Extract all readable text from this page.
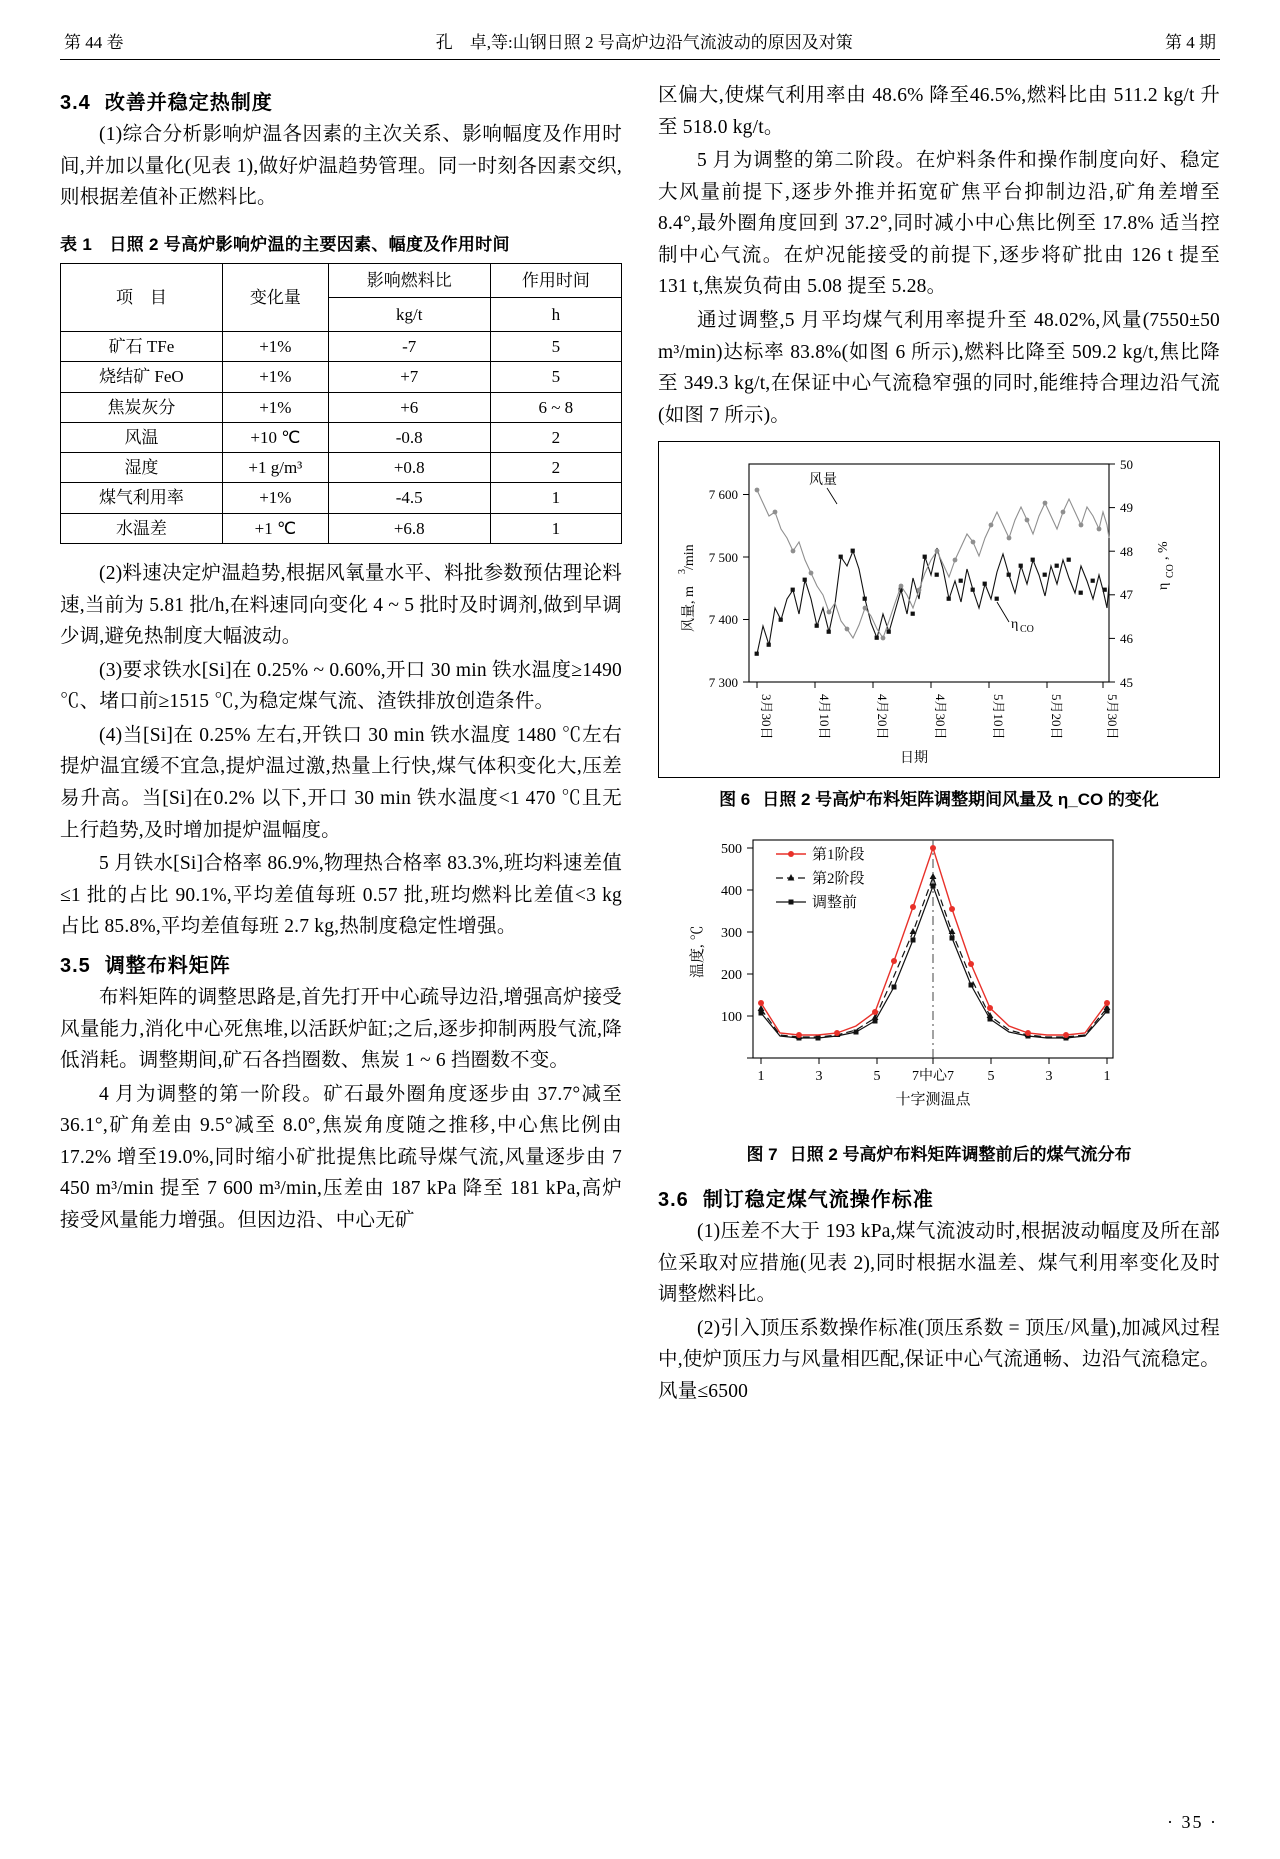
第 44 卷	孔　卓,等:山钢日照 2 号高炉边沿气流波动的原因及对策	第 4 期
3.4 改善并稳定热制度

(1)综合分析影响炉温各因素的主次关系、影响幅度及作用时间,并加以量化(见表 1),做好炉温趋势管理。同一时刻各因素交织,则根据差值补正燃料比。

表 1　日照 2 号高炉影响炉温的主要因素、幅度及作用时间
项　目	变化量	影响燃料比	作用时间
		kg/t	h
矿石 TFe	+1%	-7	5
烧结矿 FeO	+1%	+7	5
焦炭灰分	+1%	+6	6 ~ 8
风温	+10 ℃	-0.8	2
湿度	+1 g/m³	+0.8	2
煤气利用率	+1%	-4.5	1
水温差	+1 ℃	+6.8	1

(2)料速决定炉温趋势,根据风氧量水平、料批参数预估理论料速,当前为 5.81 批/h,在料速同向变化 4 ~ 5 批时及时调剂,做到早调少调,避免热制度大幅波动。

(3)要求铁水[Si]在 0.25% ~ 0.60%,开口 30 min 铁水温度≥1490 ℃、堵口前≥1515 ℃,为稳定煤气流、渣铁排放创造条件。

(4)当[Si]在 0.25% 左右,开铁口 30 min 铁水温度 1480 ℃左右提炉温宜缓不宜急,提炉温过激,热量上行快,煤气体积变化大,压差易升高。当[Si]在0.2% 以下,开口 30 min 铁水温度<1 470 ℃且无上行趋势,及时增加提炉温幅度。

5 月铁水[Si]合格率 86.9%,物理热合格率 83.3%,班均料速差值≤1 批的占比 90.1%,平均差值每班 0.57 批,班均燃料比差值<3 kg 占比 85.8%,平均差值每班 2.7 kg,热制度稳定性增强。

3.5 调整布料矩阵

布料矩阵的调整思路是,首先打开中心疏导边沿,增强高炉接受风量能力,消化中心死焦堆,以活跃炉缸;之后,逐步抑制两股气流,降低消耗。调整期间,矿石各挡圈数、焦炭 1 ~ 6 挡圈数不变。

4 月为调整的第一阶段。矿石最外圈角度逐步由 37.7°减至 36.1°,矿角差由 9.5°减至 8.0°,焦炭角度随之推移,中心焦比例由 17.2% 增至19.0%,同时缩小矿批提焦比疏导煤气流,风量逐步由 7 450 m³/min 提至 7 600 m³/min,压差由 187 kPa 降至 181 kPa,高炉接受风量能力增强。但因边沿、中心无矿

区偏大,使煤气利用率由 48.6% 降至46.5%,燃料比由 511.2 kg/t 升至 518.0 kg/t。

5 月为调整的第二阶段。在炉料条件和操作制度向好、稳定大风量前提下,逐步外推并拓宽矿焦平台抑制边沿,矿角差增至 8.4°,最外圈角度回到 37.2°,同时减小中心焦比例至 17.8% 适当控制中心气流。在炉况能接受的前提下,逐步将矿批由 126 t 提至 131 t,焦炭负荷由 5.08 提至 5.28。

通过调整,5 月平均煤气利用率提升至 48.02%,风量(7550±50 m³/min)达标率 83.8%(如图 6 所示),燃料比降至 509.2 kg/t,焦比降至 349.3 kg/t,在保证中心气流稳窄强的同时,能维持合理边沿气流(如图 7 所示)。

7 300
7 400
7 500
7 600
45
46
47
48
49
50
3月30日	4月10日	4月20日	4月30日	5月10日	5月20日	5月30日
日期
风量, m
3
/min
η
CO
, %
风量
η CO
图 6 日照 2 号高炉布料矩阵调整期间风量及 η_CO 的变化
100
200
300
400
500
温度, ℃
1	3	5 7中心7 5	3	1
十字测温点
第1阶段
第2阶段
调整前
图 7 日照 2 号高炉布料矩阵调整前后的煤气流分布
3.6 制订稳定煤气流操作标准

(1)压差不大于 193 kPa,煤气流波动时,根据波动幅度及所在部位采取对应措施(见表 2),同时根据水温差、煤气利用率变化及时调整燃料比。

(2)引入顶压系数操作标准(顶压系数 = 顶压/风量),加减风过程中,使炉顶压力与风量相匹配,保证中心气流通畅、边沿气流稳定。风量≤6500

· 35 ·
